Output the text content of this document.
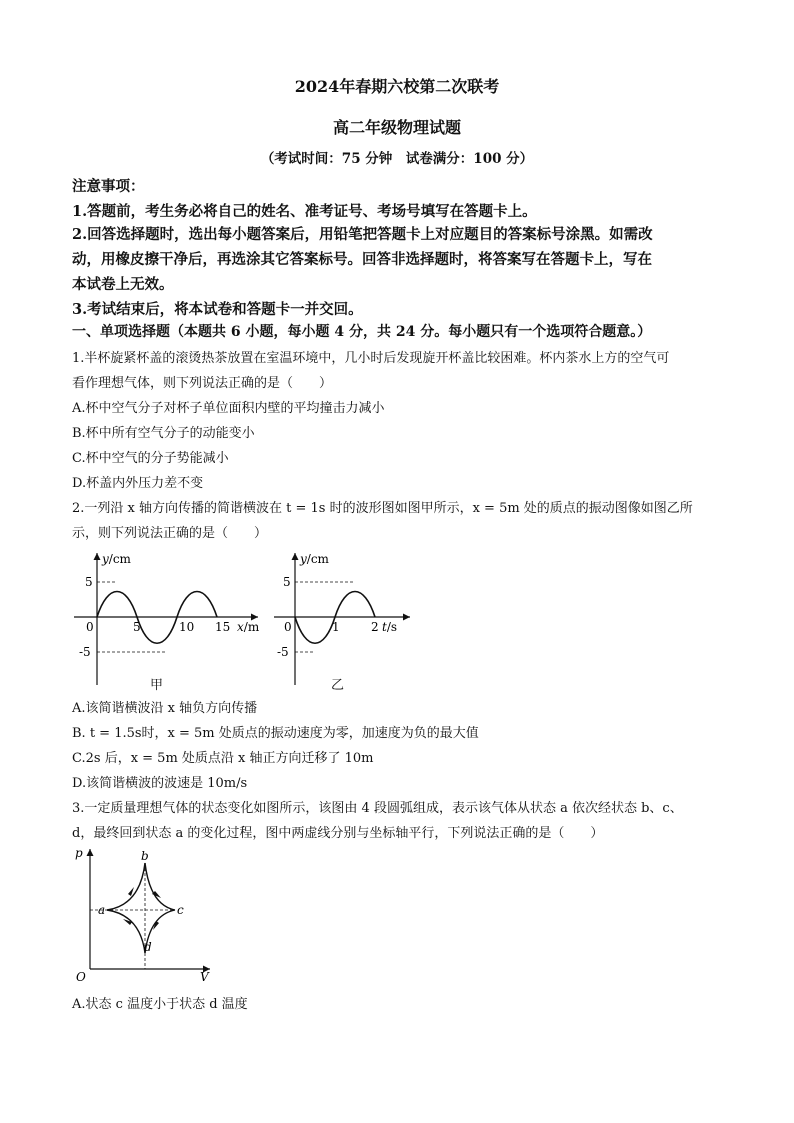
2024年春期六校第二次联考
高二年级物理试题
（考试时间：75 分钟　试卷满分：100 分）
注意事项：
1.答题前，考生务必将自己的姓名、准考证号、考场号填写在答题卡上。
2.回答选择题时，选出每小题答案后，用铅笔把答题卡上对应题目的答案标号涂黑。如需改
动，用橡皮擦干净后，再选涂其它答案标号。回答非选择题时，将答案写在答题卡上，写在
本试卷上无效。
3.考试结束后，将本试卷和答题卡一并交回。
一、单项选择题（本题共 6 小题，每小题 4 分，共 24 分。每小题只有一个选项符合题意。）
1.半杯旋紧杯盖的滚烫热茶放置在室温环境中，几小时后发现旋开杯盖比较困难。杯内茶水上方的空气可
看作理想气体，则下列说法正确的是（　　）
A.杯中空气分子对杯子单位面积内壁的平均撞击力减小
B.杯中所有空气分子的动能变小
C.杯中空气的分子势能减小
D.杯盖内外压力差不变
2.一列沿 x 轴方向传播的简谐横波在 t = 1s 时的波形图如图甲所示，x = 5m 处的质点的振动图像如图乙所
示，则下列说法正确的是（　　）
y/cm
5
-5
0	5	10 15 x/m
甲
y/cm
5
-5
0	1	2 t/s
乙
A.该简谐横波沿 x 轴负方向传播
B. t = 1.5s时，x = 5m 处质点的振动速度为零，加速度为负的最大值
C.2s 后，x = 5m 处质点沿 x 轴正方向迁移了 10m
D.该简谐横波的波速是 10m/s
3.一定质量理想气体的状态变化如图所示，该图由 4 段圆弧组成，表示该气体从状态 a 依次经状态 b、c、
d，最终回到状态 a 的变化过程，图中两虚线分别与坐标轴平行，下列说法正确的是（　　）
p
V
O
a
b
c
d
A.状态 c 温度小于状态 d 温度
